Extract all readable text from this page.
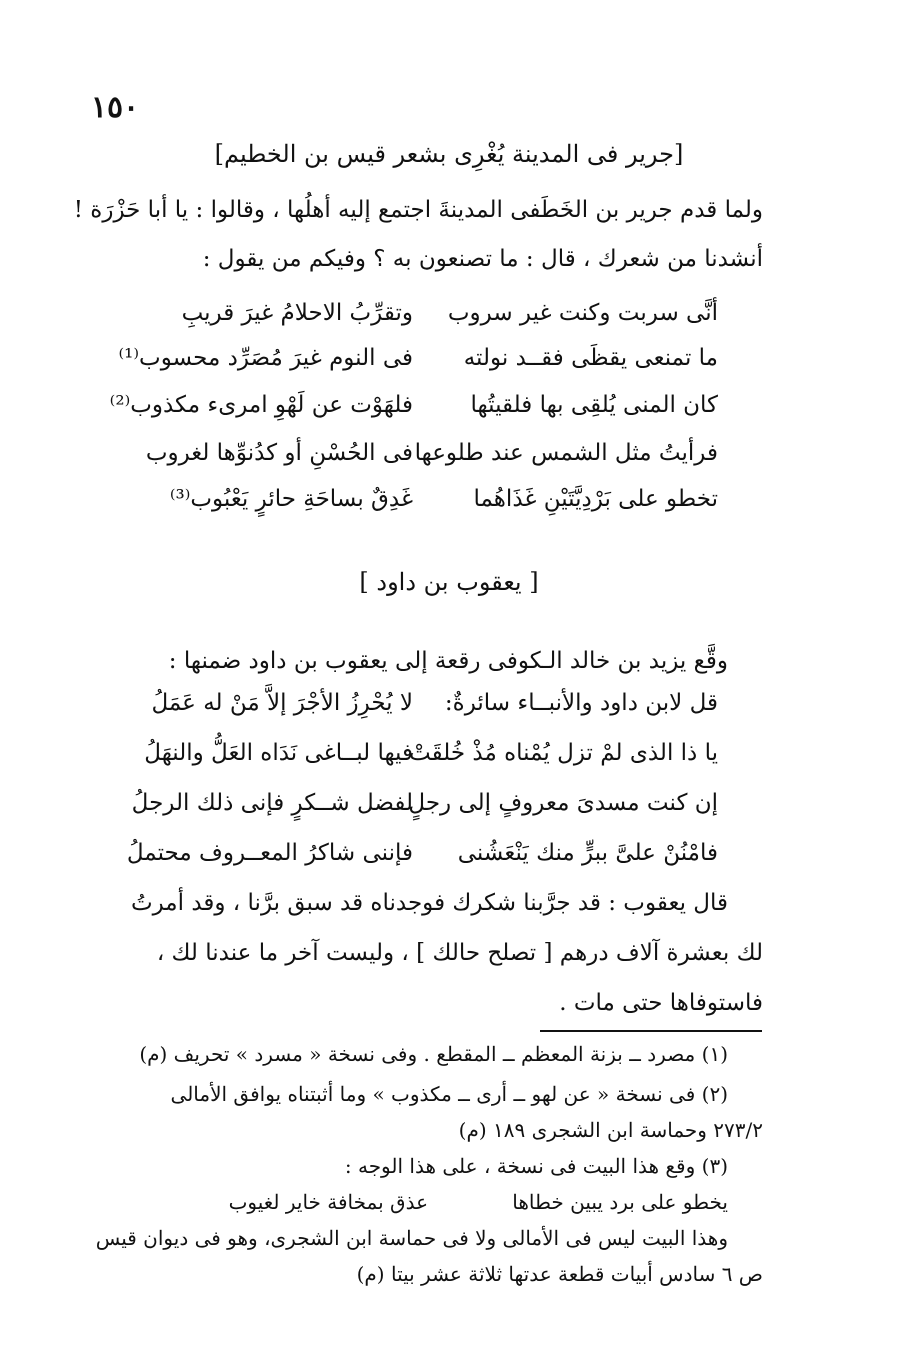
١٥٠
[جرير فى المدينة يُغْرِى بشعر قيس بن الخطيم]
ولما قدم جرير بن الخَطَفى المدينةَ اجتمع إليه أهلُها ، وقالوا : يا أبا حَزْرَة !
أنشدنا من شعرك ، قال : ما تصنعون به ؟ وفيكم من يقول :
أنَّى سربت وكنت غير سروب
وتقرِّبُ الاحلامُ غيرَ قريبِ
ما تمنعى يقظَى فقــد نولته
فى النوم غيرَ مُصَرِّد محسوب⁽¹⁾
كان المنى يُلقِى بها فلقيتُها
فلهَوْت عن لَهْوِ امرىء مكذوب⁽²⁾
فرأيتُ مثل الشمس عند طلوعها
فى الحُسْنِ أو كدُنوِّها لغروب
تخطو على بَرْدِيَّتَيْنِ غَذَاهُما
غَدِقٌ بساحَةِ حائرٍ يَعْبُوب⁽³⁾
[ يعقوب بن داود ]
وقَّع يزيد بن خالد الـكوفى رقعة إلى يعقوب بن داود ضمنها :
قل لابن داود والأنبــاء سائرةٌ:
لا يُحْرِزُ الأجْرَ إلاَّ مَنْ له عَمَلُ
يا ذا الذى لمْ تزل يُمْناه مُذْ خُلقَتْ
فيها لبــاغى نَدَاه العَلُّ والنهَلُ
إن كنت مسدىَ معروفٍ إلى رجلٍ
لفضل شــكرٍ فإنى ذلك الرجلُ
فامْنُنْ علىَّ ببرٍّ منك يَنْعَشُنى
فإننى شاكرُ المعــروف محتملُ
قال يعقوب : قد جرَّبنا شكرك فوجدناه قد سبق برَّنا ، وقد أمرتُ
لك بعشرة آلاف درهم [ تصلح حالك ] ، وليست آخر ما عندنا لك ،
فاستوفاها حتى مات .
(١) مصرد ــ بزنة المعظم ــ المقطع . وفى نسخة « مسرد » تحريف (م)
(٢) فى نسخة « عن لهو ــ أرى ــ مكذوب » وما أثبتناه يوافق الأمالى
٢٧٣/٢ وحماسة ابن الشجرى ١٨٩ (م)
(٣) وقع هذا البيت فى نسخة ، على هذا الوجه :
يخطو على برد يبين خطاها
عذق بمخافة خاير لغيوب
وهذا البيت ليس فى الأمالى ولا فى حماسة ابن الشجرى، وهو فى ديوان قيس
ص ٦ سادس أبيات قطعة عدتها ثلاثة عشر بيتا (م)
